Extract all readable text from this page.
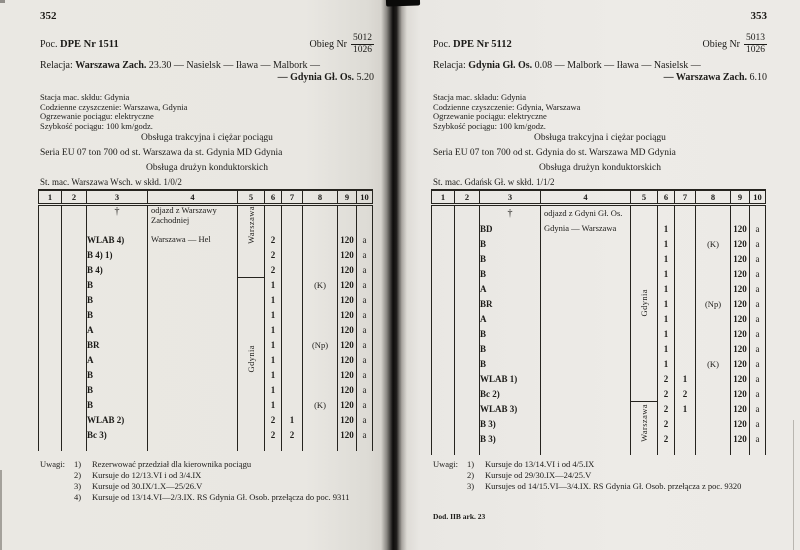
352
Poc. DPE Nr 1511	Obieg Nr $\frac{5012}{1026}$
Relacja: Warszawa Zach. 23.30 — Nasielsk — Iława — Malbork —
— Gdynia Gł. Os. 5.20
Stacja mac. skłdu: Gdynia
Codzienne czyszczenie: Warszawa, Gdynia
Ogrzewanie pociągu: elektryczne
Szybkość pociągu: 100 km/godz.
Obsługa trakcyjna i ciężar pociągu
Seria EU 07 ton 700 od st. Warszawa da st. Gdynia MD Gdynia
Obsługa drużyn konduktorskich
St. mac. Warszawa Wsch. w skłd. 1/0/2
1	2	3	4	5	6	7	8	9	10
		†	odjazd z Warszawy
Zachodniej	Warszawa					
		WLAB 4)	Warszawa — Hel		2			120	a
		B 4) 1)			2			120	a
		B 4)			2			120	a
		B		Gdynia	1		(K)	120	a
		B			1			120	a
		B			1			120	a
		A			1			120	a
		BR			1		(Np)	120	a
		A			1			120	a
		B			1			120	a
		B			1			120	a
		B			1		(K)	120	a
		WLAB 2)			2	1		120	a
		Bc 3)			2	2		120	a

Uwagi:	1)	Rezerwować przedział dla kierownika pociągu
2)	Kursuje do 12/13.VI i od 3/4.IX
3)	Kursuje od 30.IX/1.X—25/26.V
4)	Kursuje od 13/14.VI—2/3.IX. RS Gdynia Gł. Osob. przełącza do poc. 9311
353
Poc. DPE Nr 5112	Obieg Nr $\frac{5013}{1026}$
Relacja: Gdynia Gł. Os. 0.08 — Malbork — Iława — Nasielsk —
— Warszawa Zach. 6.10
Stacja mac. składu: Gdynia
Codzienne czyszczenie: Gdynia, Warszawa
Ogrzewanie pociągu: elektryczne
Szybkość pociągu: 100 km/godz.
Obsługa trakcyjna i ciężar pociągu
Seria EU 07 ton 700 od st. Gdynia do st. Warszawa MD Gdynia
Obsługa drużyn konduktorskich
St. mac. Gdańsk Gł. w skłd. 1/1/2
1	2	3	4	5	6	7	8	9	10
		†	odjazd z Gdyni Gł. Os.	Gdynia					
		BD	Gdynia — Warszawa		1			120	a
		B			1		(K)	120	a
		B			1			120	a
		B			1			120	a
		A			1			120	a
		BR			1		(Np)	120	a
		A			1			120	a
		B			1			120	a
		B			1			120	a
		B			1		(K)	120	a
		WLAB 1)			2	1		120	a
		Bc 2)			2	2		120	a
		WLAB 3)		Warszawa	2	1		120	a
		B 3)			2			120	a
		B 3)			2			120	a

Uwagi:	1)	Kursuje do 13/14.VI i od 4/5.IX
2)	Kursuje od 29/30.IX—24/25.V
3)	Kursujes od 14/15.VI—3/4.IX. RS Gdynia Gł. Osob. przełącza z poc. 9320
Dod. IIB ark. 23
